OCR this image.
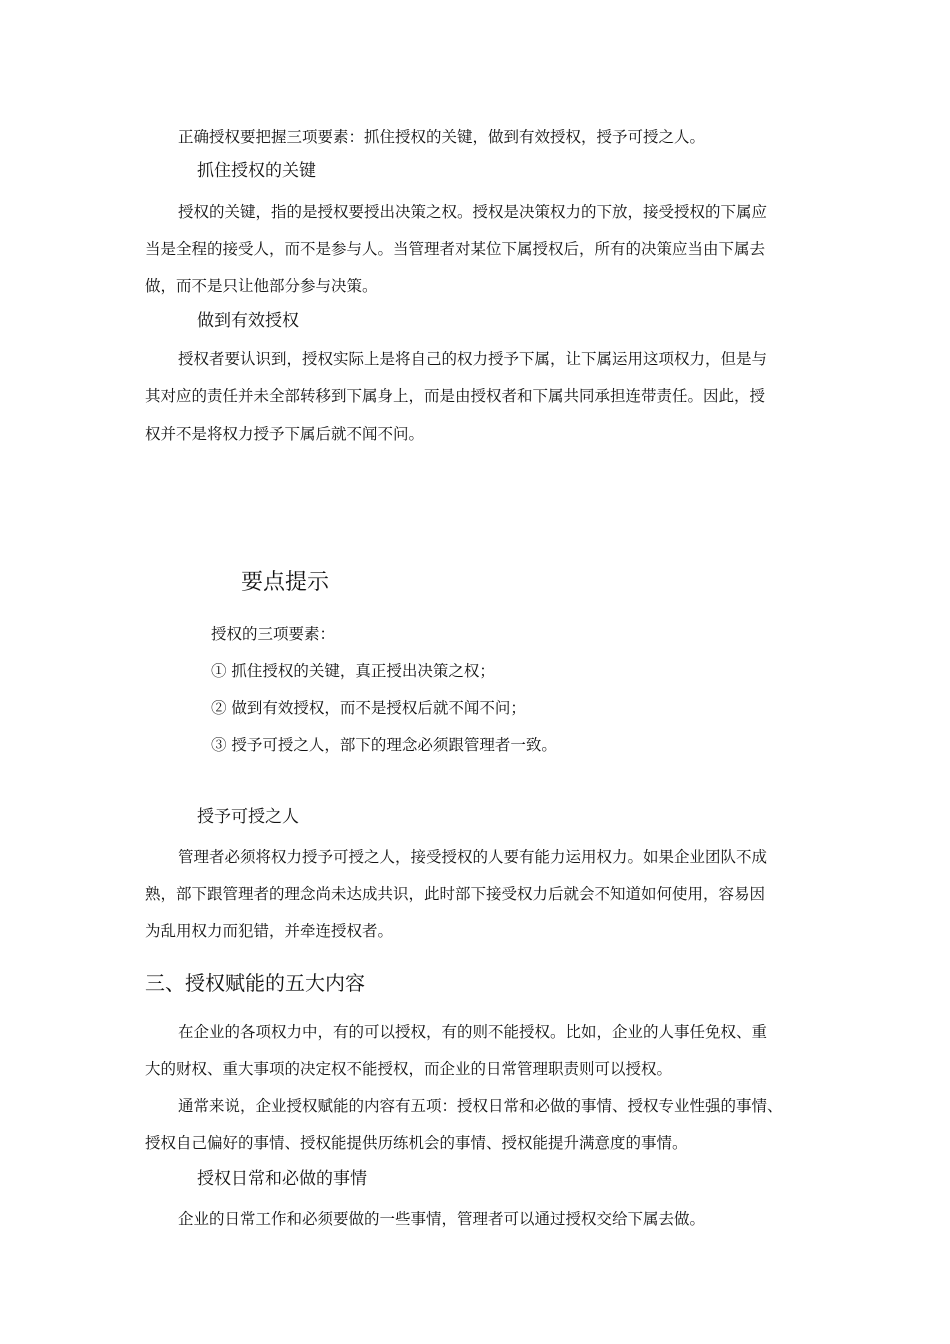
正确授权要把握三项要素：抓住授权的关键，做到有效授权，授予可授之人。
抓住授权的关键
授权的关键，指的是授权要授出决策之权。授权是决策权力的下放，接受授权的下属应
当是全程的接受人，而不是参与人。当管理者对某位下属授权后，所有的决策应当由下属去
做，而不是只让他部分参与决策。
做到有效授权
授权者要认识到，授权实际上是将自己的权力授予下属，让下属运用这项权力，但是与
其对应的责任并未全部转移到下属身上，而是由授权者和下属共同承担连带责任。因此，授
权并不是将权力授予下属后就不闻不问。
要点提示
授权的三项要素：
① 抓住授权的关键，真正授出决策之权；
② 做到有效授权，而不是授权后就不闻不问；
③ 授予可授之人，部下的理念必须跟管理者一致。
授予可授之人
管理者必须将权力授予可授之人，接受授权的人要有能力运用权力。如果企业团队不成
熟，部下跟管理者的理念尚未达成共识，此时部下接受权力后就会不知道如何使用，容易因
为乱用权力而犯错，并牵连授权者。
三、授权赋能的五大内容
在企业的各项权力中，有的可以授权，有的则不能授权。比如，企业的人事任免权、重
大的财权、重大事项的决定权不能授权，而企业的日常管理职责则可以授权。
通常来说，企业授权赋能的内容有五项：授权日常和必做的事情、授权专业性强的事情、
授权自己偏好的事情、授权能提供历练机会的事情、授权能提升满意度的事情。
授权日常和必做的事情
企业的日常工作和必须要做的一些事情，管理者可以通过授权交给下属去做。
